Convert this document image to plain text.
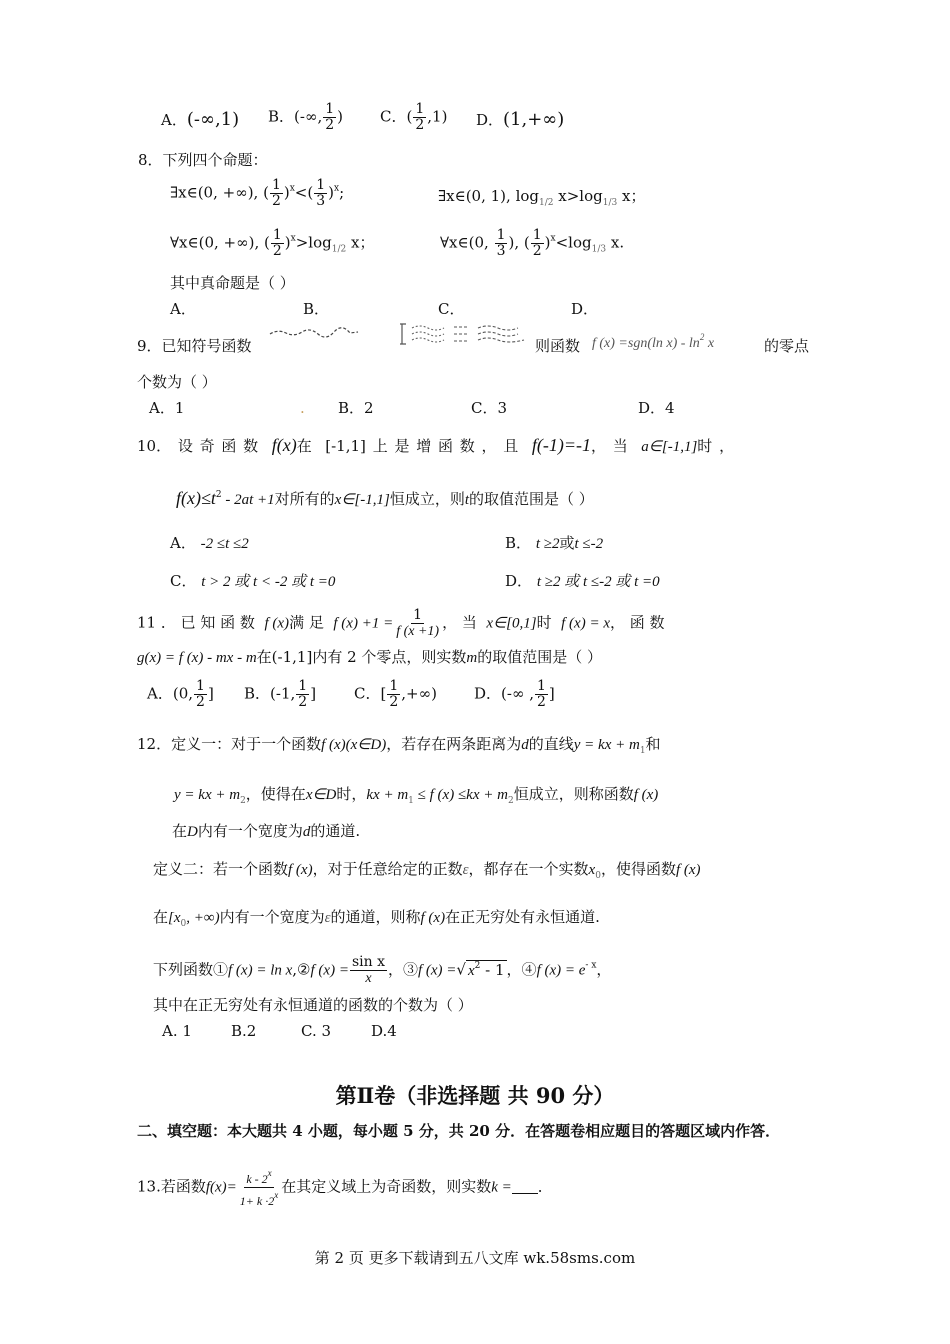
A．(-∞,1) B．(-∞, $\frac{1}{2}$ ) C．( $\frac{1}{2} ,1$) D．(1,+∞)
8．下列四个命题：
∃x∈(0, +∞), ( $\frac{1}{2} )^x<( \frac{1}{3} )^x$;	∃x∈(0, 1), $\log_{1/2} x>\log_{1/3}$ x；
∀x∈(0, +∞), ( $\frac{1}{2} )^x>\log_{1/2}$ x；	∀x∈(0, $\frac{1}{3}$ ), ( $\frac{1}{2} )^x<\log_{1/3}$ x.
其中真命题是（ ）
A．	B．	C．	D．
9．已知符号函数	则函数 f (x) =sgn(ln $x) - \ln^2 x$	的零点
个数为（ ）
A．1	. B．2	C．3	D．4
10． 设 奇 函 数 f(x)在 [-1,1] 上 是 增 函 数 ， 且 f(-1)=-1， 当 a∈[-1,1]时 ，
$f(x)\le t^2 - 2at +1$对所有的x∈[-1,1]恒成立，则t的取值范围是（ ）
A． -2 ≤t ≤2	B． t ≥2或t ≤-2
C． t > 2 或 t < -2 或 t =0	D． t ≥2 或 t ≤-2 或 t =0
11 ． 已 知 函 数 f (x)满 足 f $(x) +1 = \frac{1}{f (x +1)}$ ， 当 x∈[0,1]时 f (x) = x， 函 数
g(x) = f (x) - mx - m在(-1,1]内有 2 个零点，则实数m的取值范围是（ ）
A．(0, $\frac{1}{2}$ ] B．(-1, $\frac{1}{2}$ ]	C．[ $\frac{1}{2}$ ,+∞) D．(-∞ , $\frac{1}{2}$ ]
12．定义一：对于一个函数f (x)(x∈D)，若存在两条距离为d的直线y = kx + $m_1$和
y = kx + $m_2$，使得在x∈D时，kx + $m_1 \le f$ $(x) \le kx + m_2$恒成立，则称函数f (x)
在D内有一个宽度为d的通道.
定义二：若一个函数f (x)，对于任意给定的正数ε，都存在一个实数$x_0$，使得函数f (x)
在[$x_0$, +∞)内有一个宽度为ε的通道，则称f (x)在正无穷处有永恒通道.
下列函数①f (x) = ln x,②f $(x) = \frac{\text{sin x}}{x}$ ，③f (x) =√ $x^2 - 1$ ，④f $(x) = e^{- x}$，
其中在正无穷处有永恒通道的函数的个数为（ ）
A. 1	B.2	C. 3	D.4
第Ⅱ卷（非选择题 共 90 分）
二、填空题：本大题共 4 小题，每小题 5 分，共 20 分．在答题卷相应题目的答题区域内作答．
13.若函数$f(x)= \frac{k - 2^x}{1+ k \cdot 2^x}$ 在其定义域上为奇函数，则实数k = ．
第 2 页 更多下载请到五八文库 wk.58sms.com
